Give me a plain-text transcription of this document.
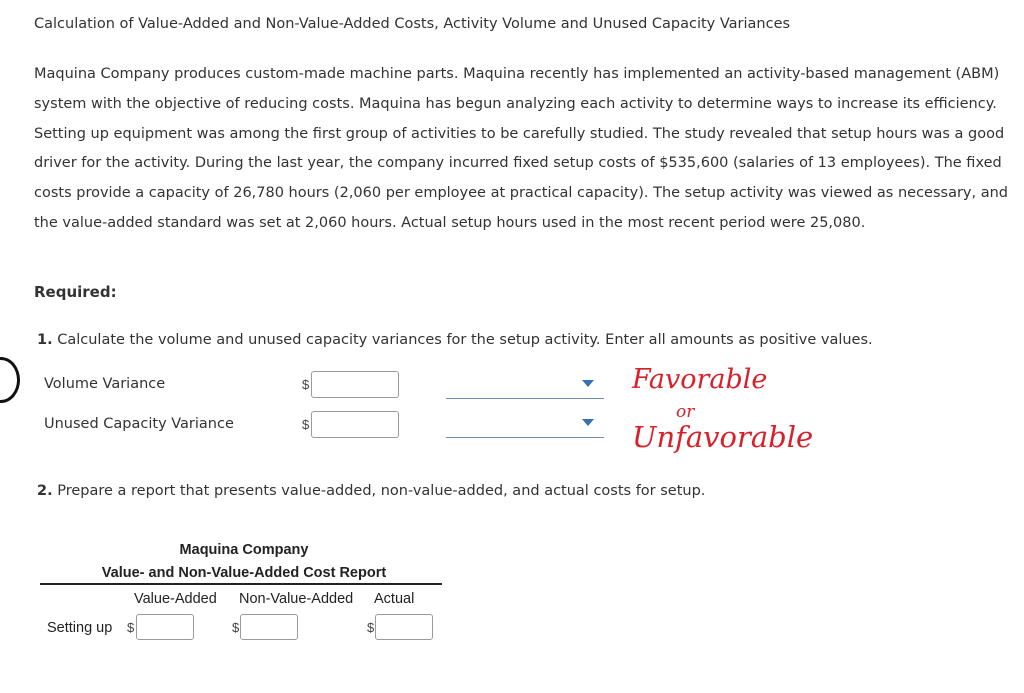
Calculation of Value-Added and Non-Value-Added Costs, Activity Volume and Unused Capacity Variances
Maquina Company produces custom-made machine parts. Maquina recently has implemented an activity-based management (ABM) system with the objective of reducing costs. Maquina has begun analyzing each activity to determine ways to increase its efficiency. Setting up equipment was among the first group of activities to be carefully studied. The study revealed that setup hours was a good driver for the activity. During the last year, the company incurred fixed setup costs of $535,600 (salaries of 13 employees). The fixed costs provide a capacity of 26,780 hours (2,060 per employee at practical capacity). The setup activity was viewed as necessary, and the value-added standard was set at 2,060 hours. Actual setup hours used in the most recent period were 25,080.
Required:
1. Calculate the volume and unused capacity variances for the setup activity. Enter all amounts as positive values.
Volume Variance	$
Unused Capacity Variance	$
Favorable
or
Unfavorable
2. Prepare a report that presents value-added, non-value-added, and actual costs for setup.
Maquina Company
Value- and Non-Value-Added Cost Report
Value-Added Non-Value-Added Actual
Setting up $	$	$
